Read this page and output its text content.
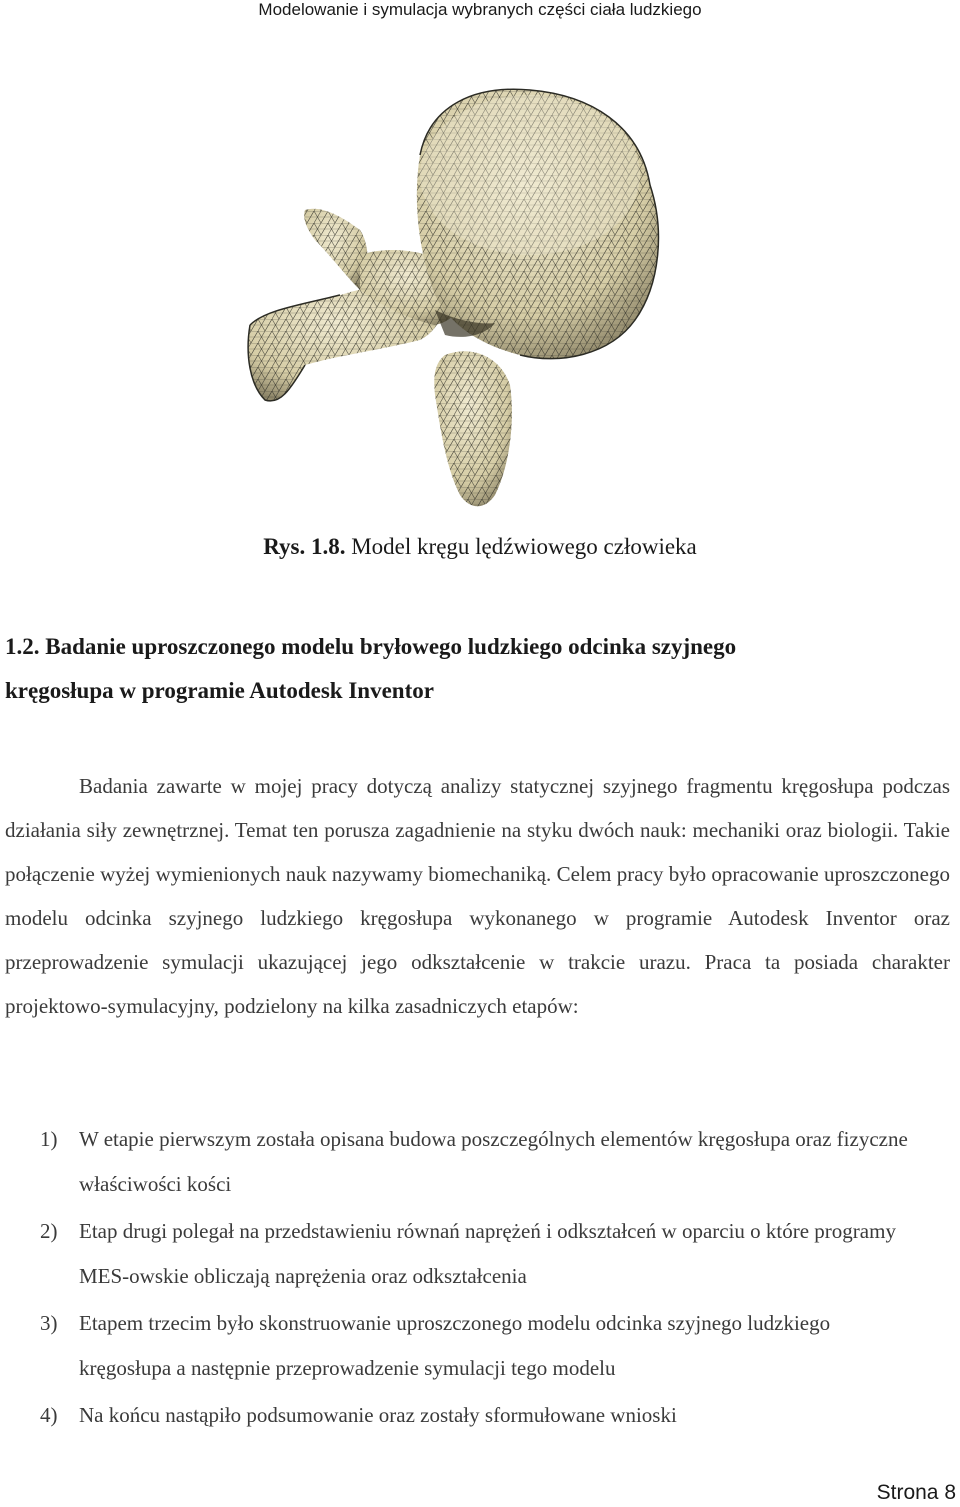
Modelowanie i symulacja wybranych części ciała ludzkiego
Rys. 1.8. Model kręgu lędźwiowego człowieka
1.2. Badanie uproszczonego modelu bryłowego ludzkiego odcinka szyjnego
kręgosłupa w programie Autodesk Inventor
Badania zawarte w mojej pracy dotyczą analizy statycznej szyjnego fragmentu kręgosłupa podczas działania siły zewnętrznej. Temat ten porusza zagadnienie na styku dwóch nauk: mechaniki oraz biologii. Takie połączenie wyżej wymienionych nauk nazywamy biomechaniką. Celem pracy było opracowanie uproszczonego modelu odcinka szyjnego ludzkiego kręgosłupa wykonanego w programie Autodesk Inventor oraz przeprowadzenie symulacji ukazującej jego odkształcenie w trakcie urazu. Praca ta posiada charakter projektowo-symulacyjny, podzielony na kilka zasadniczych etapów:
1) W etapie pierwszym została opisana budowa poszczególnych elementów kręgosłupa oraz fizyczne właściwości kości
2) Etap drugi polegał na przedstawieniu równań naprężeń i odkształceń w oparciu o które programy MES-owskie obliczają naprężenia oraz odkształcenia
3) Etapem trzecim było skonstruowanie uproszczonego modelu odcinka szyjnego ludzkiego kręgosłupa a następnie przeprowadzenie symulacji tego modelu
4) Na końcu nastąpiło podsumowanie oraz zostały sformułowane wnioski
Strona 8
